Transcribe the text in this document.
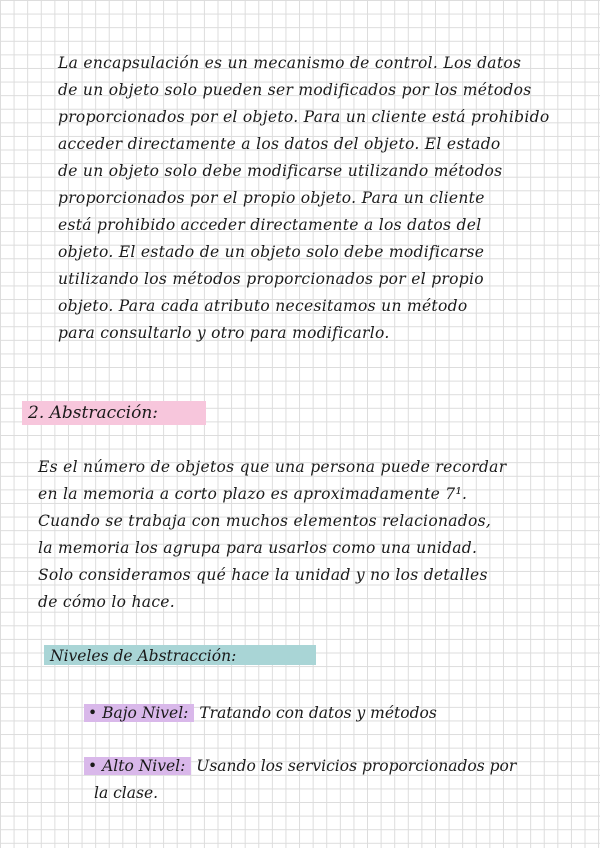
La encapsulación es un mecanismo de control. Los datos
de un objeto solo pueden ser modificados por los métodos
proporcionados por el objeto. Para un cliente está prohibido
acceder directamente a los datos del objeto. El estado
de un objeto solo debe modificarse utilizando métodos
proporcionados por el propio objeto. Para un cliente
está prohibido acceder directamente a los datos del
objeto. El estado de un objeto solo debe modificarse
utilizando los métodos proporcionados por el propio
objeto. Para cada atributo necesitamos un método
para consultarlo y otro para modificarlo.

2. Abstracción:

Es el número de objetos que una persona puede recordar
en la memoria a corto plazo es aproximadamente 7¹.
Cuando se trabaja con muchos elementos relacionados,
la memoria los agrupa para usarlos como una unidad.
Solo consideramos qué hace la unidad y no los detalles
de cómo lo hace.

Niveles de Abstracción:
• Bajo Nivel: Tratando con datos y métodos
• Alto Nivel: Usando los servicios proporcionados por
la clase.
